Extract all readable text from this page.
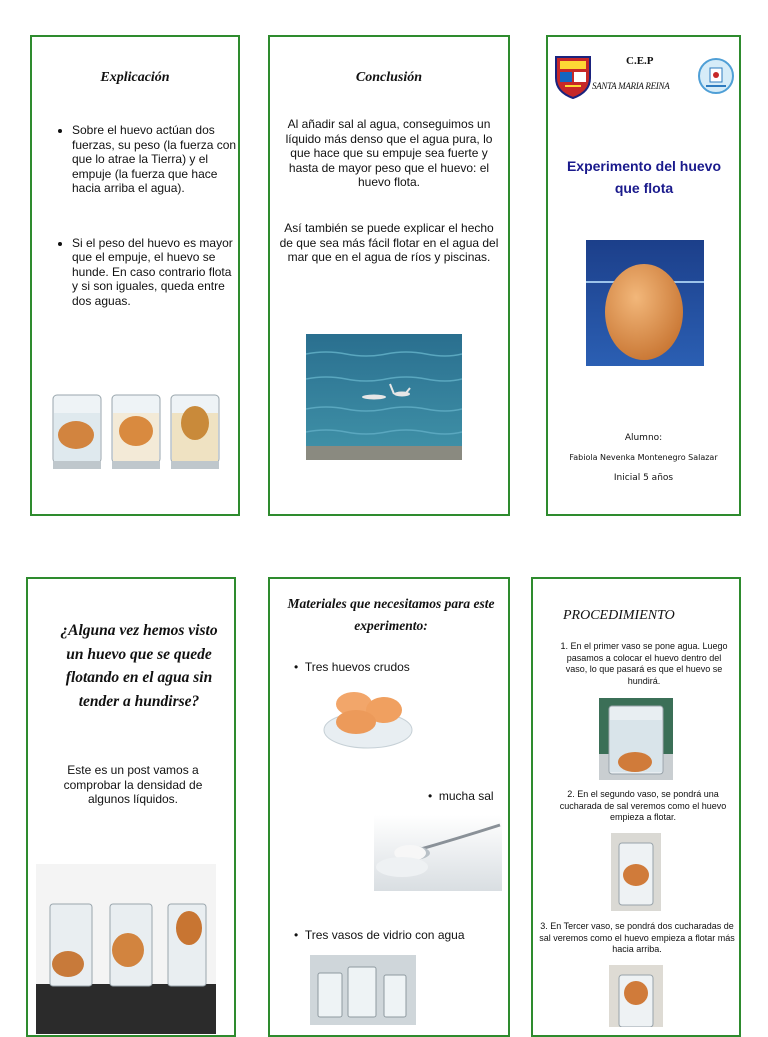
Explicación
• Sobre el huevo actúan dos fuerzas, su peso (la fuerza con que lo atrae la Tierra) y el empuje (la fuerza que hace hacia arriba el agua).
• Si el peso del huevo es mayor que el empuje, el huevo se hunde. En caso contrario flota y si son iguales, queda entre dos aguas.
Conclusión
Al añadir sal al agua, conseguimos un líquido más denso que el agua pura, lo que hace que su empuje sea fuerte y hasta de mayor peso que el huevo: el huevo flota.
Así también se puede explicar el hecho de que sea más fácil flotar en el agua del mar que en el agua de ríos y piscinas.
C.E.P
SANTA MARIA REINA
Experimento del huevo que flota
Alumno:
Fabiola Nevenka Montenegro Salazar
Inicial 5 años
¿Alguna vez hemos visto un huevo que se quede flotando en el agua sin tender a hundirse?
Este es un post vamos a comprobar la densidad de algunos líquidos.
Materiales que necesitamos para este experimento:
•  Tres huevos crudos
•  mucha sal
•  Tres vasos de vidrio con agua
PROCEDIMIENTO
1. En el primer vaso se pone agua. Luego pasamos a colocar el huevo dentro del vaso, lo que pasará es que el huevo se hundirá.
2. En el segundo vaso, se pondrá una cucharada de sal veremos como el huevo empieza a flotar.
3. En Tercer vaso, se pondrá dos cucharadas de sal veremos como el huevo empieza a flotar más hacia arriba.
